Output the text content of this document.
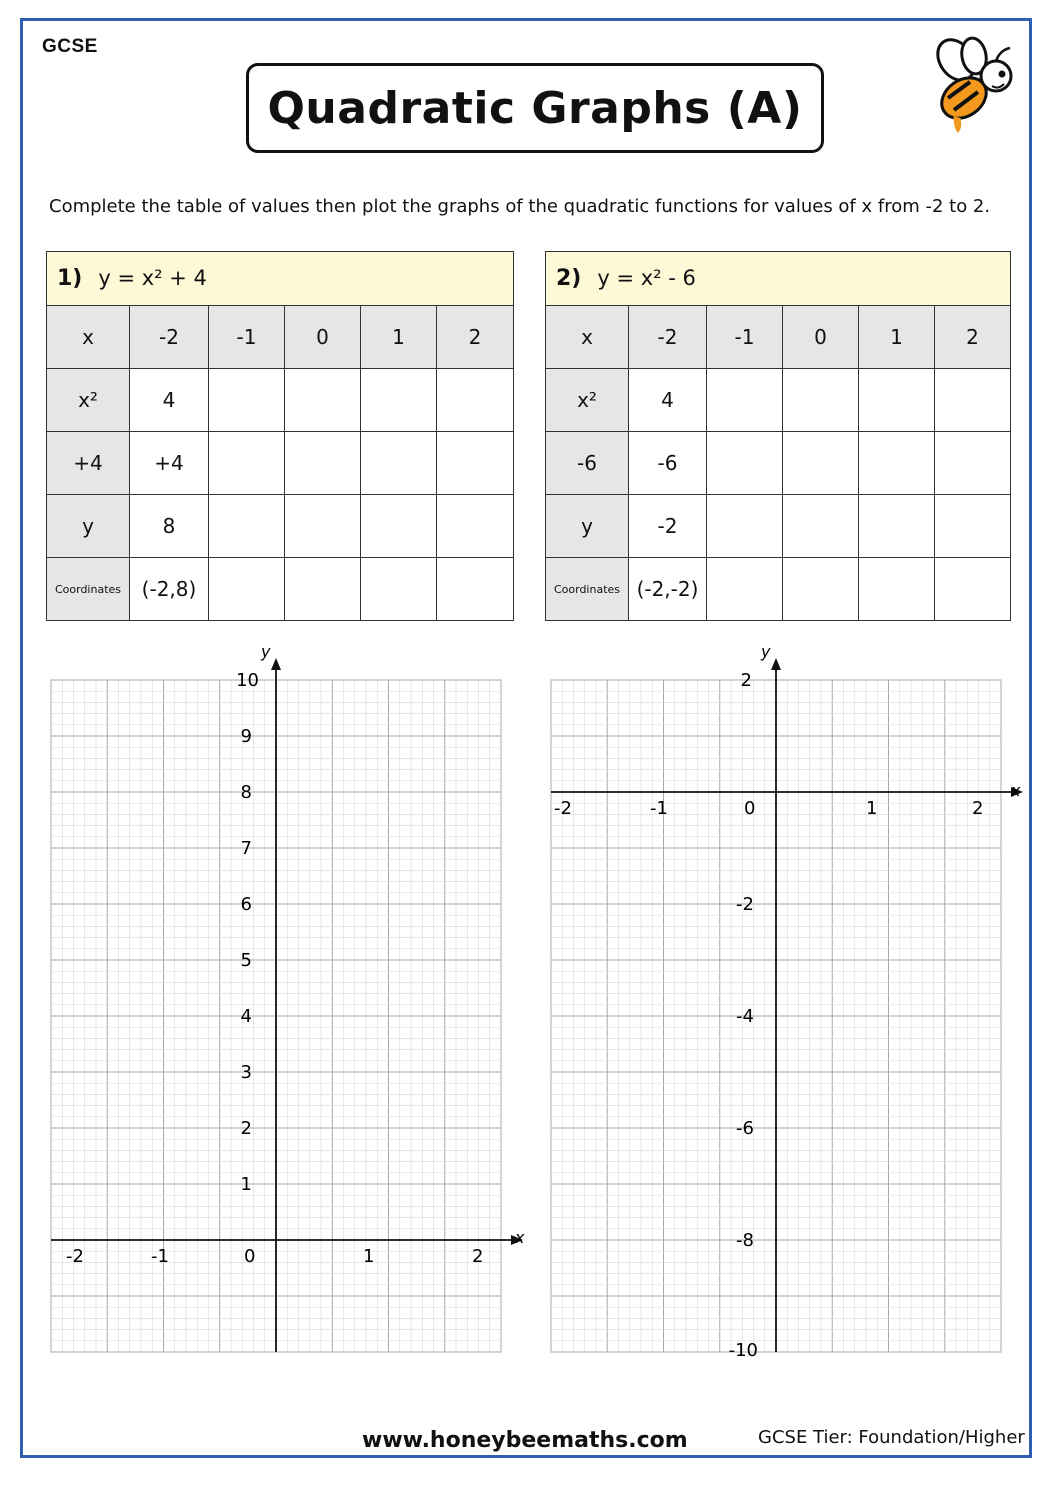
GCSE
Quadratic Graphs (A)
Complete the table of values then plot the graphs of the quadratic functions for values of x from -2 to 2.
1) y = x² + 4					
x	-2	-1	0	1	2
x²	4				
+4	+4				
y	8				
Coordinates	(-2,8)				
2) y = x² - 6					
x	-2	-1	0	1	2
x²	4				
-6	-6				
y	-2				
Coordinates	(-2,-2)				
-2	-1	0	1	2
10
9
8
7
6
5
4
3
2
1
x
y
-2	-1	0	1	2
2
-2
-4
-6
-8
-10
x
y
www.honeybeemaths.com	GCSE Tier: Foundation/Higher
